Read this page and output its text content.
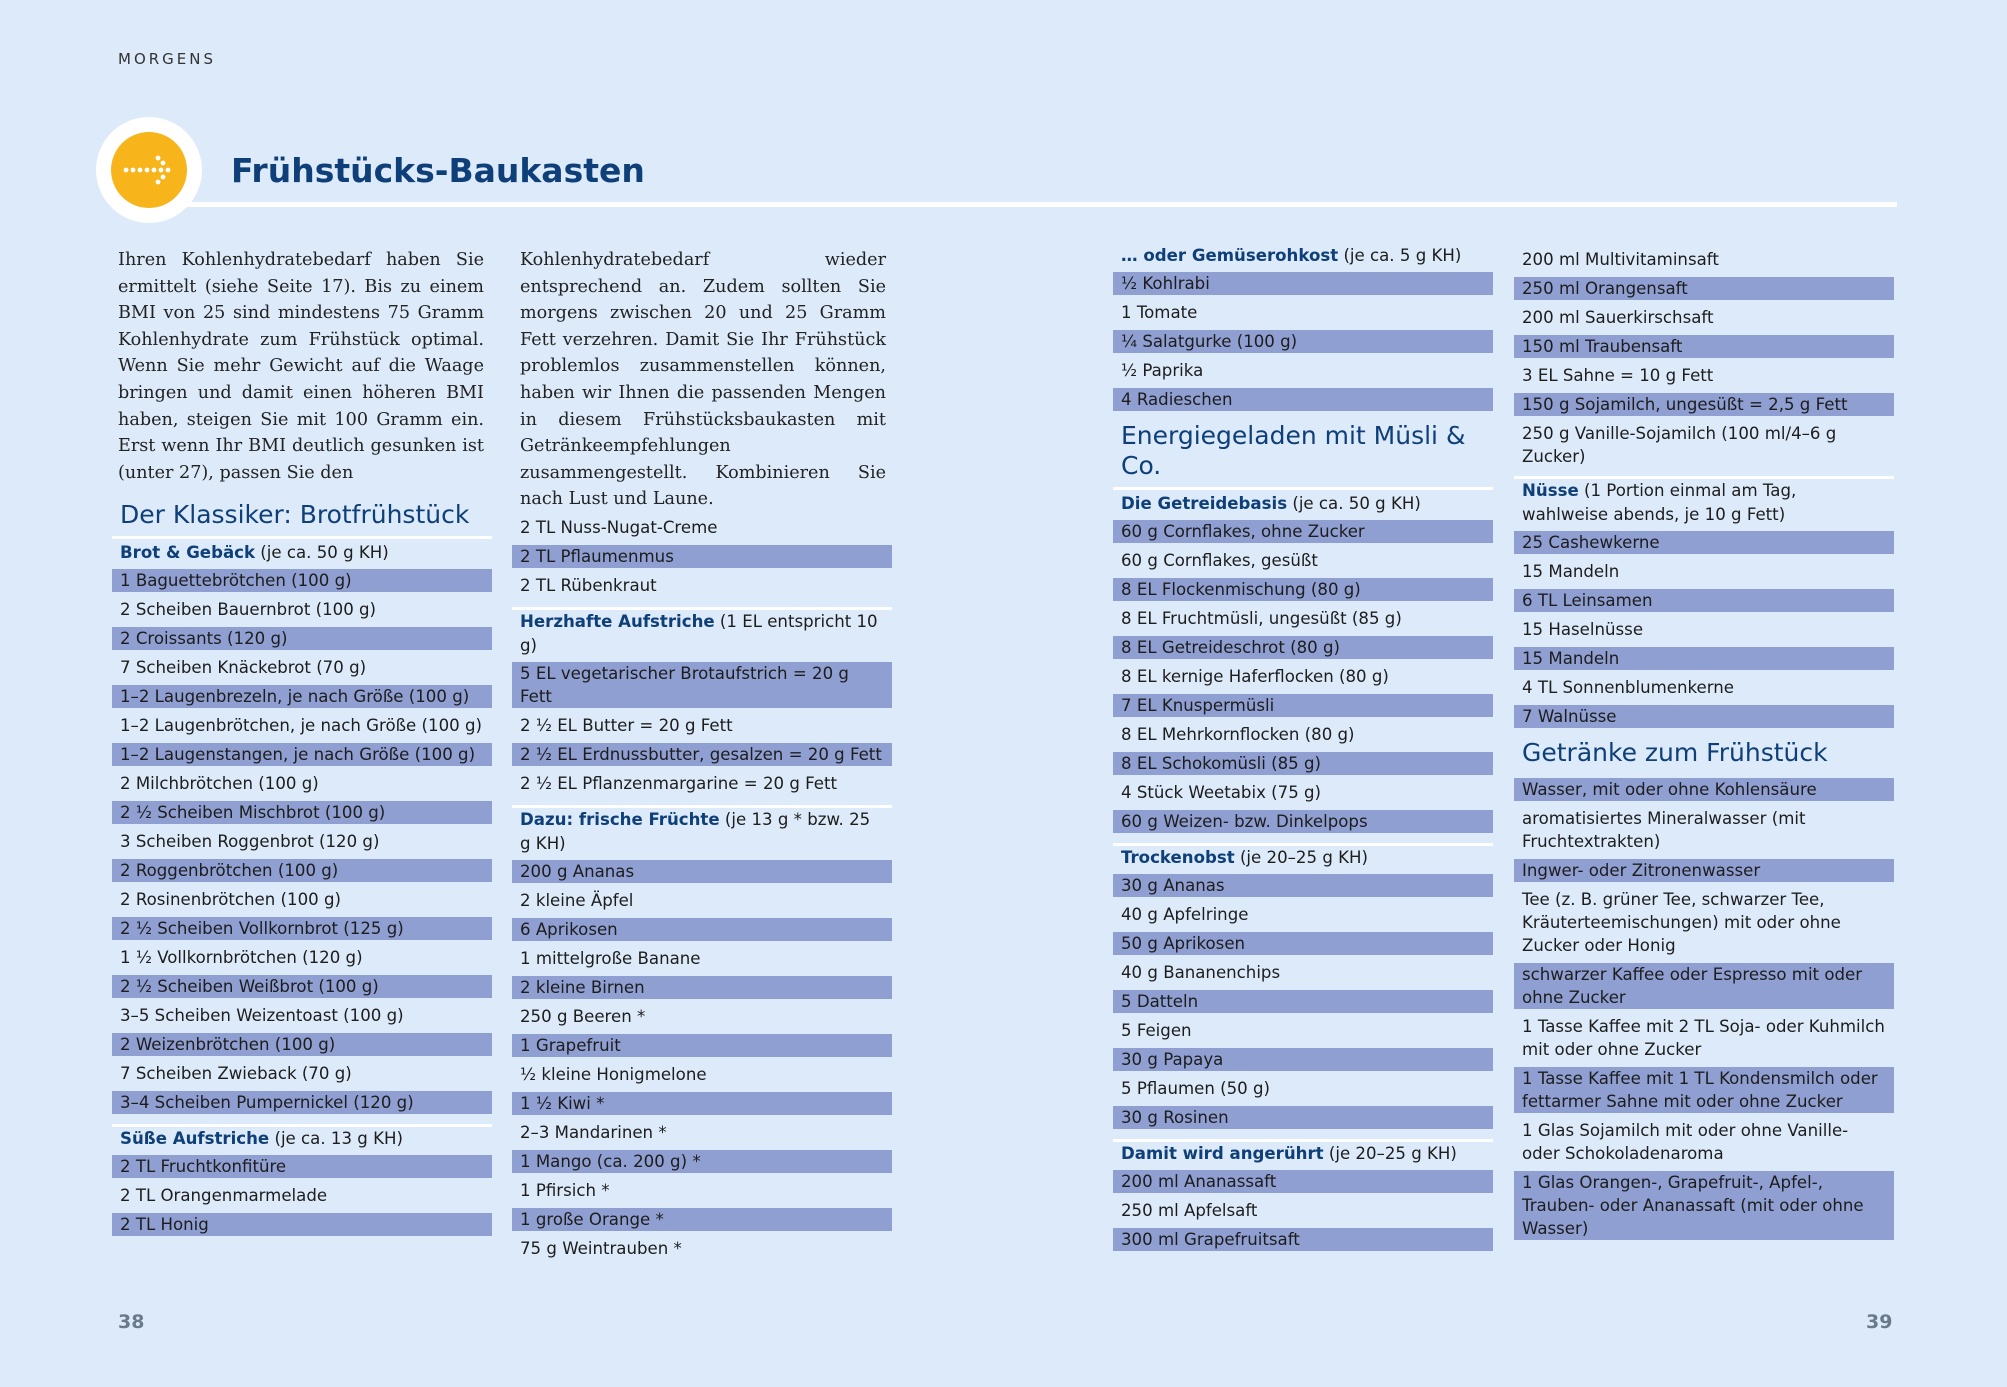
MORGENS
Frühstücks-Baukasten
Ihren Kohlenhydratebedarf haben Sie ermittelt (siehe Seite 17). Bis zu einem BMI von 25 sind mindestens 75 Gramm Kohlenhydrate zum Frühstück optimal. Wenn Sie mehr Gewicht auf die Waage bringen und damit einen höheren BMI haben, steigen Sie mit 100 Gramm ein. Erst wenn Ihr BMI deutlich gesunken ist (unter 27), passen Sie den
Kohlenhydratebedarf wieder entsprechend an. Zudem sollten Sie morgens zwischen 20 und 25 Gramm Fett verzehren. Damit Sie Ihr Frühstück problemlos zusammenstellen können, haben wir Ihnen die passenden Mengen in diesem Frühstücksbaukasten mit Getränkeempfehlungen zusammengestellt. Kombinieren Sie nach Lust und Laune.
Der Klassiker: Brotfrühstück
Brot & Gebäck (je ca. 50 g KH)
1 Baguettebrötchen (100 g)
2 Scheiben Bauernbrot (100 g)
2 Croissants (120 g)
7 Scheiben Knäckebrot (70 g)
1–2 Laugenbrezeln, je nach Größe (100 g)
1–2 Laugenbrötchen, je nach Größe (100 g)
1–2 Laugenstangen, je nach Größe (100 g)
2 Milchbrötchen (100 g)
2 ½ Scheiben Mischbrot (100 g)
3 Scheiben Roggenbrot (120 g)
2 Roggenbrötchen (100 g)
2 Rosinenbrötchen (100 g)
2 ½ Scheiben Vollkornbrot (125 g)
1 ½ Vollkornbrötchen (120 g)
2 ½ Scheiben Weißbrot (100 g)
3–5 Scheiben Weizentoast (100 g)
2 Weizenbrötchen (100 g)
7 Scheiben Zwieback (70 g)
3–4 Scheiben Pumpernickel (120 g)
Süße Aufstriche (je ca. 13 g KH)
2 TL Fruchtkonfitüre
2 TL Orangenmarmelade
2 TL Honig
2 TL Nuss-Nugat-Creme
2 TL Pflaumenmus
2 TL Rübenkraut
Herzhafte Aufstriche (1 EL entspricht 10 g)
5 EL vegetarischer Brotaufstrich = 20 g Fett
2 ½ EL Butter = 20 g Fett
2 ½ EL Erdnussbutter, gesalzen = 20 g Fett
2 ½ EL Pflanzenmargarine = 20 g Fett
Dazu: frische Früchte (je 13 g * bzw. 25 g KH)
200 g Ananas
2 kleine Äpfel
6 Aprikosen
1 mittelgroße Banane
2 kleine Birnen
250 g Beeren *
1 Grapefruit
½ kleine Honigmelone
1 ½ Kiwi *
2–3 Mandarinen *
1 Mango (ca. 200 g) *
1 Pfirsich *
1 große Orange *
75 g Weintrauben *
… oder Gemüserohkost (je ca. 5 g KH)
½ Kohlrabi
1 Tomate
¼ Salatgurke (100 g)
½ Paprika
4 Radieschen
Energiegeladen mit Müsli & Co.
Die Getreidebasis (je ca. 50 g KH)
60 g Cornflakes, ohne Zucker
60 g Cornflakes, gesüßt
8 EL Flockenmischung (80 g)
8 EL Fruchtmüsli, ungesüßt (85 g)
8 EL Getreideschrot (80 g)
8 EL kernige Haferflocken (80 g)
7 EL Knuspermüsli
8 EL Mehrkornflocken (80 g)
8 EL Schokomüsli (85 g)
4 Stück Weetabix (75 g)
60 g Weizen- bzw. Dinkelpops
Trockenobst (je 20–25 g KH)
30 g Ananas
40 g Apfelringe
50 g Aprikosen
40 g Bananenchips
5 Datteln
5 Feigen
30 g Papaya
5 Pflaumen (50 g)
30 g Rosinen
Damit wird angerührt (je 20–25 g KH)
200 ml Ananassaft
250 ml Apfelsaft
300 ml Grapefruitsaft
200 ml Multivitaminsaft
250 ml Orangensaft
200 ml Sauerkirschsaft
150 ml Traubensaft
3 EL Sahne = 10 g Fett
150 g Sojamilch, ungesüßt = 2,5 g Fett
250 g Vanille-Sojamilch (100 ml/4–6 g Zucker)
Nüsse (1 Portion einmal am Tag, wahlweise abends, je 10 g Fett)
25 Cashewkerne
15 Mandeln
6 TL Leinsamen
15 Haselnüsse
15 Mandeln
4 TL Sonnenblumenkerne
7 Walnüsse
Getränke zum Frühstück
Wasser, mit oder ohne Kohlensäure
aromatisiertes Mineralwasser (mit Fruchtextrakten)
Ingwer- oder Zitronenwasser
Tee (z. B. grüner Tee, schwarzer Tee, Kräuterteemischungen) mit oder ohne Zucker oder Honig
schwarzer Kaffee oder Espresso mit oder ohne Zucker
1 Tasse Kaffee mit 2 TL Soja- oder Kuhmilch mit oder ohne Zucker
1 Tasse Kaffee mit 1 TL Kondensmilch oder fettarmer Sahne mit oder ohne Zucker
1 Glas Sojamilch mit oder ohne Vanille- oder Schokoladenaroma
1 Glas Orangen-, Grapefruit-, Apfel-, Trauben- oder Ananassaft (mit oder ohne Wasser)
38	39
